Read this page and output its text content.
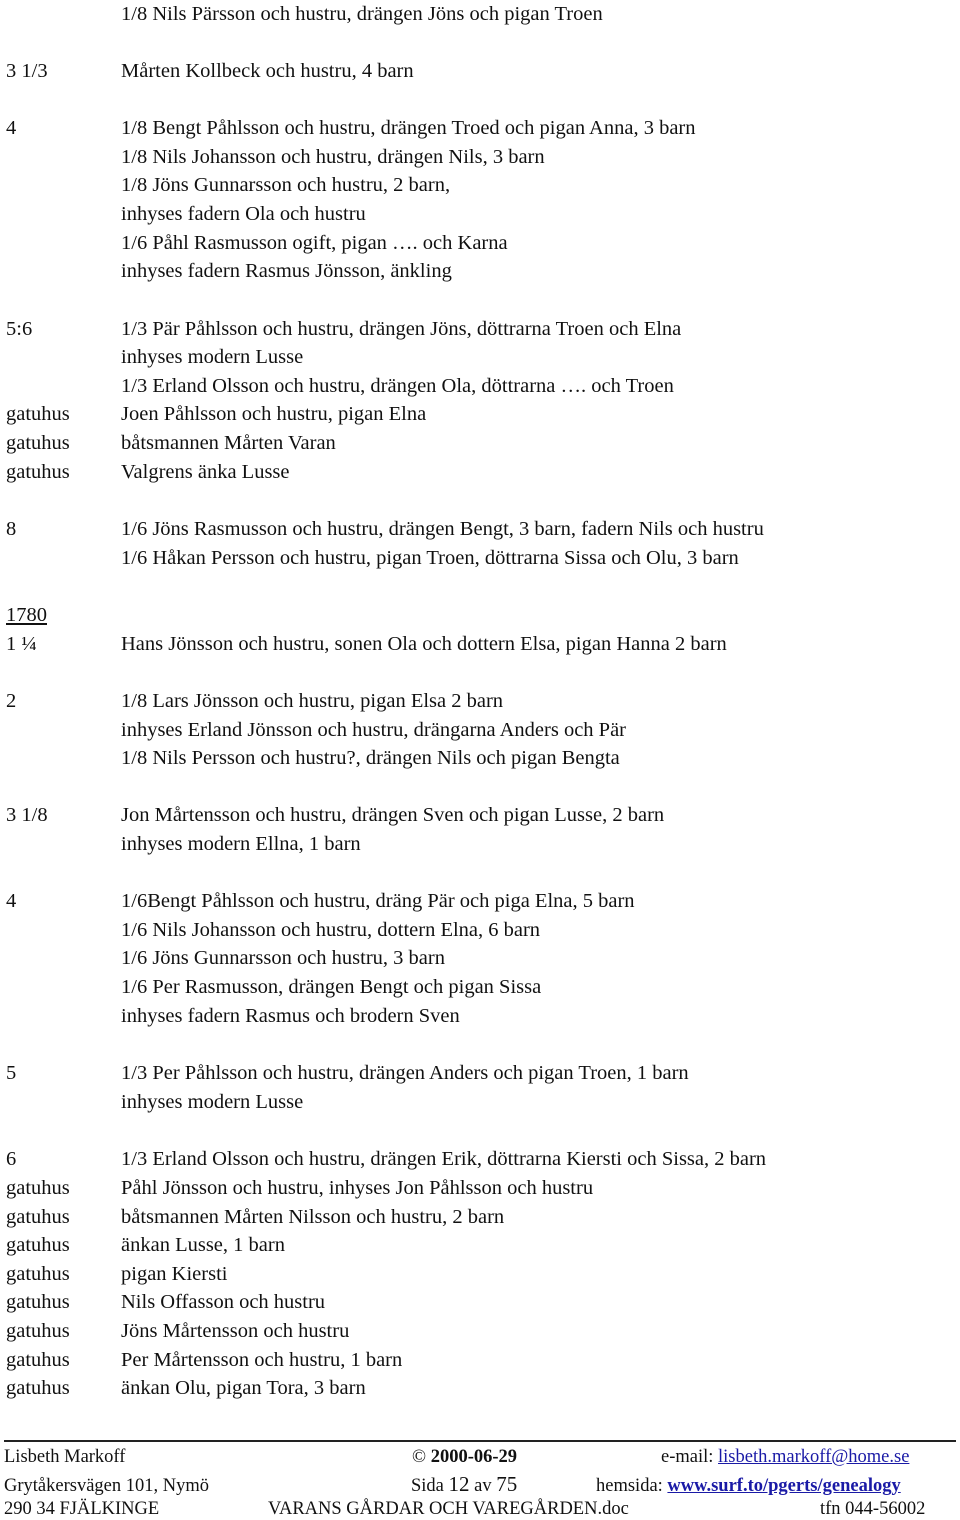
1/8 Nils Pärsson och hustru, drängen Jöns och pigan Troen
3 1/3	Mårten Kollbeck och hustru, 4 barn
4	1/8 Bengt Påhlsson och hustru, drängen Troed och pigan Anna, 3 barn
1/8 Nils Johansson och hustru, drängen Nils, 3 barn
1/8 Jöns Gunnarsson och hustru, 2 barn,
inhyses fadern Ola och hustru
1/6 Påhl Rasmusson ogift, pigan …. och Karna
inhyses fadern Rasmus Jönsson, änkling
5:6	1/3 Pär Påhlsson och hustru, drängen Jöns, döttrarna Troen och Elna
inhyses modern Lusse
1/3 Erland Olsson och hustru, drängen Ola, döttrarna …. och Troen
gatuhus Joen Påhlsson och hustru, pigan Elna
gatuhus båtsmannen Mårten Varan
gatuhus Valgrens änka Lusse
8	1/6 Jöns Rasmusson och hustru, drängen Bengt, 3 barn, fadern Nils och hustru
1/6 Håkan Persson och hustru, pigan Troen, döttrarna Sissa och Olu, 3 barn
1780
1 ¼	Hans Jönsson och hustru, sonen Ola och dottern Elsa, pigan Hanna 2 barn
2	1/8 Lars Jönsson och hustru, pigan Elsa 2 barn
inhyses Erland Jönsson och hustru, drängarna Anders och Pär
1/8 Nils Persson och hustru?, drängen Nils och pigan Bengta
3 1/8	Jon Mårtensson och hustru, drängen Sven och pigan Lusse, 2 barn
inhyses modern Ellna, 1 barn
4	1/6Bengt Påhlsson och hustru, dräng Pär och piga Elna, 5 barn
1/6 Nils Johansson och hustru, dottern Elna, 6 barn
1/6 Jöns Gunnarsson och hustru, 3 barn
1/6 Per Rasmusson, drängen Bengt och pigan Sissa
inhyses fadern Rasmus och brodern Sven
5	1/3 Per Påhlsson och hustru, drängen Anders och pigan Troen, 1 barn
inhyses modern Lusse
6	1/3 Erland Olsson och hustru, drängen Erik, döttrarna Kiersti och Sissa, 2 barn
gatuhus Påhl Jönsson och hustru, inhyses Jon Påhlsson och hustru
gatuhus båtsmannen Mårten Nilsson och hustru, 2 barn
gatuhus änkan Lusse, 1 barn
gatuhus pigan Kiersti
gatuhus Nils Offasson och hustru
gatuhus Jöns Mårtensson och hustru
gatuhus Per Mårtensson och hustru, 1 barn
gatuhus änkan Olu, pigan Tora, 3 barn
Lisbeth Markoff	© 2000-06-29	e-mail: lisbeth.markoff@home.se
Grytåkersvägen 101, Nymö	Sida 12 av 75	hemsida: www.surf.to/pgerts/genealogy
290 34 FJÄLKINGE	VARANS GÅRDAR OCH VAREGÅRDEN.doc	tfn 044-56002
